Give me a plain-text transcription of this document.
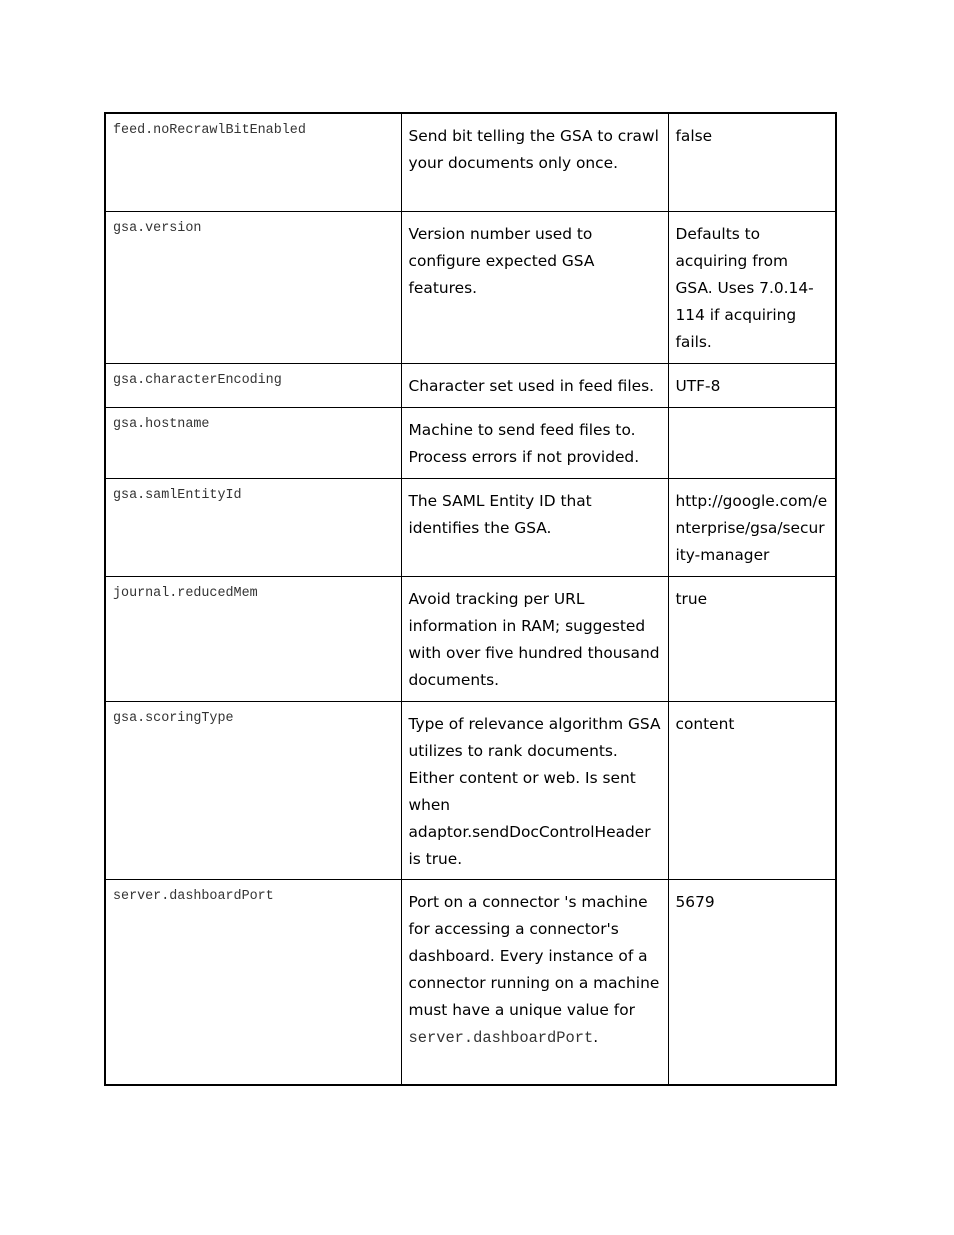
feed.noRecrawlBitEnabled	Send bit telling the GSA to crawl your documents only once.	false

gsa.version	Version number used to configure expected GSA features.	Defaults to acquiring from GSA. Uses 7.0.14-114 if acquiring fails.

gsa.characterEncoding	Character set used in feed files.	UTF-8

gsa.hostname	Machine to send feed files to. Process errors if not provided.	

gsa.samlEntityId	The SAML Entity ID that identifies the GSA.	http://google.com/enterprise/gsa/security-manager

journal.reducedMem	Avoid tracking per URL information in RAM; suggested with over five hundred thousand documents.	true

gsa.scoringType	Type of relevance algorithm GSA utilizes to rank documents. Either content or web. Is sent when adaptor.sendDocControlHeader is true.	content

server.dashboardPort	Port on a connector 's machine for accessing a connector's dashboard. Every instance of a connector running on a machine must have a unique value for server.dashboardPort.	5679
